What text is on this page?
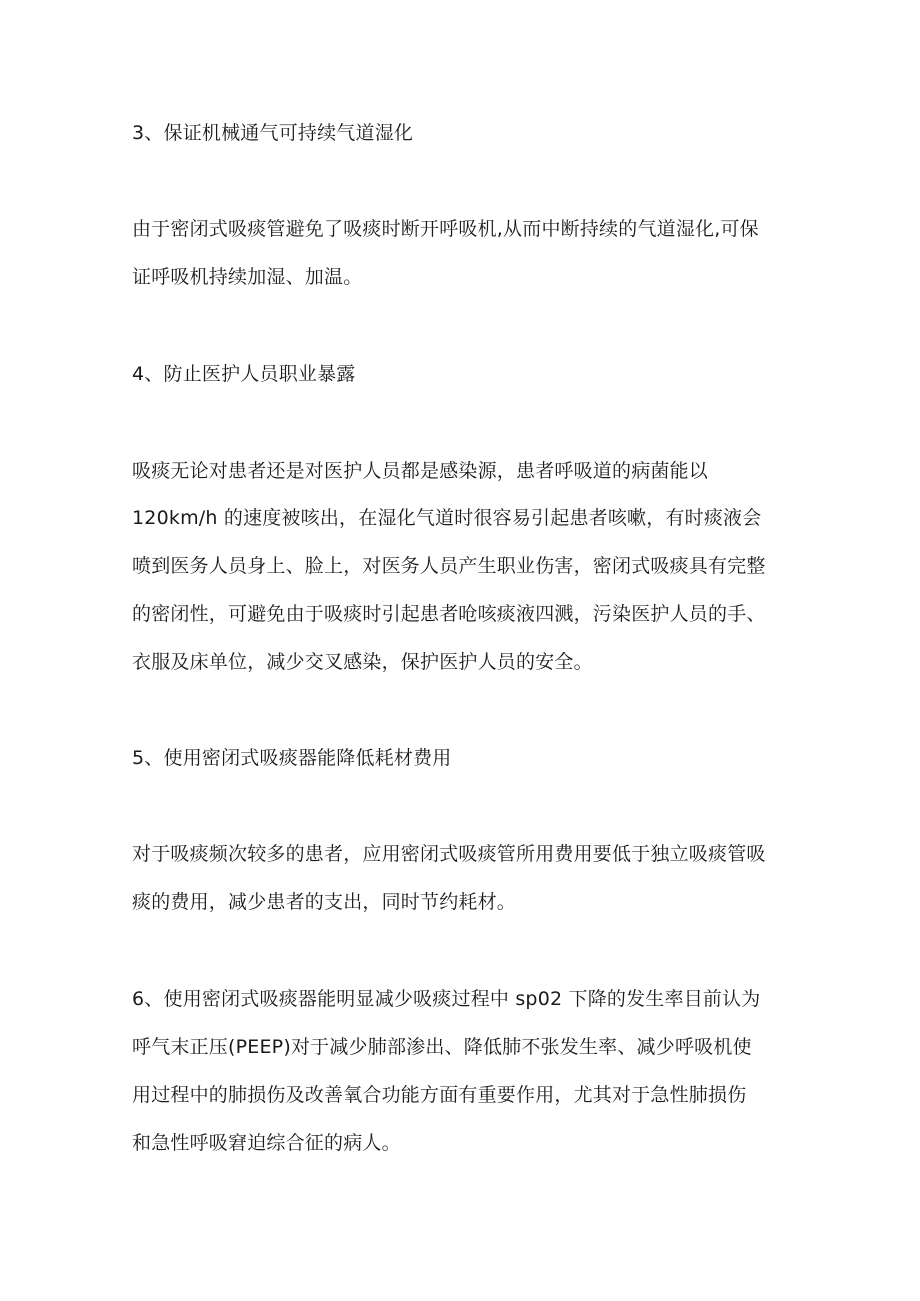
3、保证机械通气可持续气道湿化
由于密闭式吸痰管避免了吸痰时断开呼吸机,从而中断持续的气道湿化,可保
证呼吸机持续加湿、加温。
4、防止医护人员职业暴露
吸痰无论对患者还是对医护人员都是感染源，患者呼吸道的病菌能以
120km/h 的速度被咳出，在湿化气道时很容易引起患者咳嗽，有时痰液会
喷到医务人员身上、脸上，对医务人员产生职业伤害，密闭式吸痰具有完整
的密闭性，可避免由于吸痰时引起患者呛咳痰液四溅，污染医护人员的手、
衣服及床单位，减少交叉感染，保护医护人员的安全。
5、使用密闭式吸痰器能降低耗材费用
对于吸痰频次较多的患者，应用密闭式吸痰管所用费用要低于独立吸痰管吸
痰的费用，减少患者的支出，同时节约耗材。
6、使用密闭式吸痰器能明显减少吸痰过程中 sp02 下降的发生率目前认为
呼气末正压(PEEP)对于减少肺部渗出、降低肺不张发生率、减少呼吸机使
用过程中的肺损伤及改善氧合功能方面有重要作用，尤其对于急性肺损伤
和急性呼吸窘迫综合征的病人。
